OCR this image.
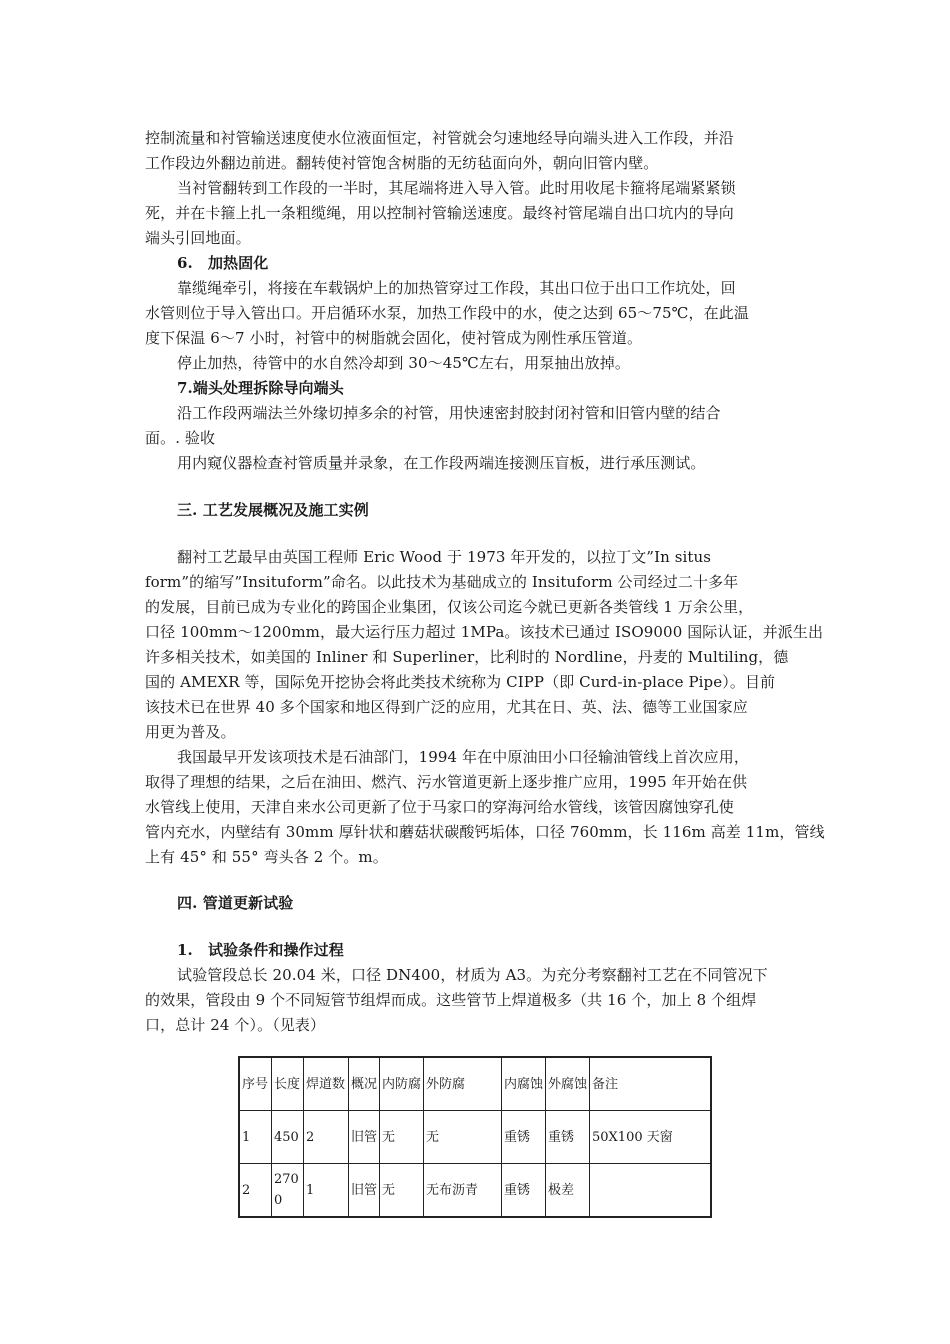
控制流量和衬管输送速度使水位液面恒定，衬管就会匀速地经导向端头进入工作段，并沿
工作段边外翻边前进。翻转使衬管饱含树脂的无纺毡面向外，朝向旧管内壁。
当衬管翻转到工作段的一半时，其尾端将进入导入管。此时用收尾卡箍将尾端紧紧锁
死，并在卡箍上扎一条粗缆绳，用以控制衬管输送速度。最终衬管尾端自出口坑内的导向
端头引回地面。
6.　加热固化
靠缆绳牵引，将接在车载锅炉上的加热管穿过工作段，其出口位于出口工作坑处，回
水管则位于导入管出口。开启循环水泵，加热工作段中的水，使之达到 65～75℃，在此温
度下保温 6～7 小时，衬管中的树脂就会固化，使衬管成为刚性承压管道。
停止加热，待管中的水自然冷却到 30～45℃左右，用泵抽出放掉。
7.端头处理拆除导向端头
沿工作段两端法兰外缘切掉多余的衬管，用快速密封胶封闭衬管和旧管内壁的结合
面。. 验收
用内窥仪器检查衬管质量并录象，在工作段两端连接测压盲板，进行承压测试。
三. 工艺发展概况及施工实例
翻衬工艺最早由英国工程师 Eric Wood 于 1973 年开发的，以拉丁文”In situs
form”的缩写”Insituform”命名。以此技术为基础成立的 Insituform 公司经过二十多年
的发展，目前已成为专业化的跨国企业集团，仅该公司迄今就已更新各类管线 1 万余公里，
口径 100mm～1200mm，最大运行压力超过 1MPa。该技术已通过 ISO9000 国际认证，并派生出
许多相关技术，如美国的 Inliner 和 Superliner，比利时的 Nordline，丹麦的 Multiling，德
国的 AMEXR 等，国际免开挖协会将此类技术统称为 CIPP（即 Curd-in-place Pipe）。目前
该技术已在世界 40 多个国家和地区得到广泛的应用，尤其在日、英、法、德等工业国家应
用更为普及。
我国最早开发该项技术是石油部门，1994 年在中原油田小口径输油管线上首次应用，
取得了理想的结果，之后在油田、燃汽、污水管道更新上逐步推广应用，1995 年开始在供
水管线上使用，天津自来水公司更新了位于马家口的穿海河给水管线，该管因腐蚀穿孔使
管内充水，内壁结有 30mm 厚针状和蘑菇状碳酸钙垢体，口径 760mm，长 116m 高差 11m，管线
上有 45° 和 55° 弯头各 2 个。m。
四. 管道更新试验
1.　试验条件和操作过程
试验管段总长 20.04 米，口径 DN400，材质为 A3。为充分考察翻衬工艺在不同管况下
的效果，管段由 9 个不同短管节组焊而成。这些管节上焊道极多（共 16 个，加上 8 个组焊
口，总计 24 个）。（见表）
序号	长度	焊道数	概况	内防腐	外防腐	内腐蚀	外腐蚀	备注
1	450	2	旧管	无	无	重锈	重锈	50X100 天窗
2	2700	1	旧管	无	无布沥青	重锈	极差	
